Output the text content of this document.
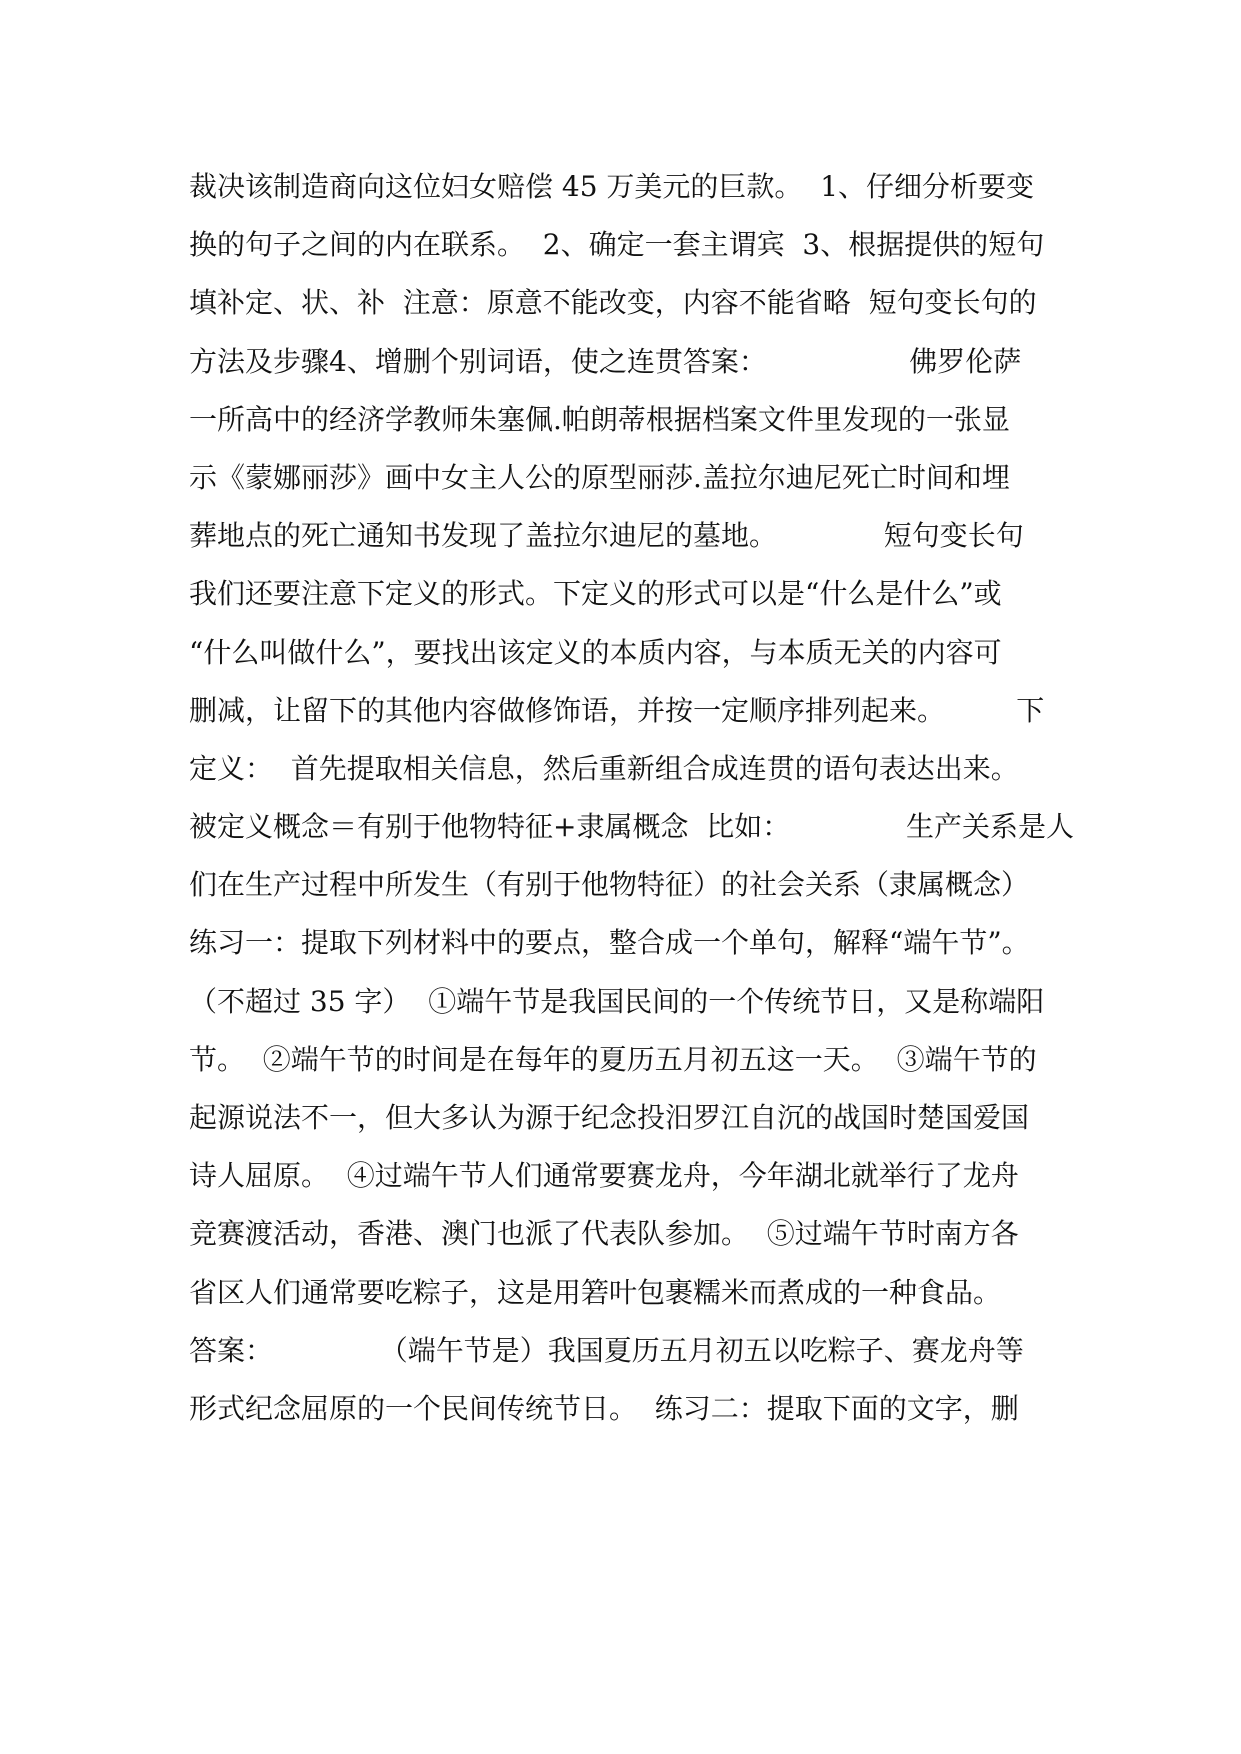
裁决该制造商向这位妇女赔偿 45 万美元的巨款。  1、仔细分析要变
换的句子之间的内在联系。  2、确定一套主谓宾  3、根据提供的短句
填补定、状、补  注意：原意不能改变，内容不能省略  短句变长句的
方法及步骤4、增删个别词语，使之连贯答案：                佛罗伦萨
一所高中的经济学教师朱塞佩.帕朗蒂根据档案文件里发现的一张显
示《蒙娜丽莎》画中女主人公的原型丽莎.盖拉尔迪尼死亡时间和埋
葬地点的死亡通知书发现了盖拉尔迪尼的墓地。            短句变长句
我们还要注意下定义的形式。下定义的形式可以是“什么是什么”或
“什么叫做什么”，要找出该定义的本质内容，与本质无关的内容可
删减，让留下的其他内容做修饰语，并按一定顺序排列起来。        下
定义：  首先提取相关信息，然后重新组合成连贯的语句表达出来。
被定义概念＝有别于他物特征+隶属概念  比如：             生产关系是人
们在生产过程中所发生（有别于他物特征）的社会关系（隶属概念）
练习一：提取下列材料中的要点，整合成一个单句，解释“端午节”。
（不超过 35 字）  ①端午节是我国民间的一个传统节日，又是称端阳
节。  ②端午节的时间是在每年的夏历五月初五这一天。  ③端午节的
起源说法不一，但大多认为源于纪念投汨罗江自沉的战国时楚国爱国
诗人屈原。  ④过端午节人们通常要赛龙舟，今年湖北就举行了龙舟
竞赛渡活动，香港、澳门也派了代表队参加。  ⑤过端午节时南方各
省区人们通常要吃粽子，这是用箬叶包裹糯米而煮成的一种食品。
答案：            （端午节是）我国夏历五月初五以吃粽子、赛龙舟等
形式纪念屈原的一个民间传统节日。  练习二：提取下面的文字，删
